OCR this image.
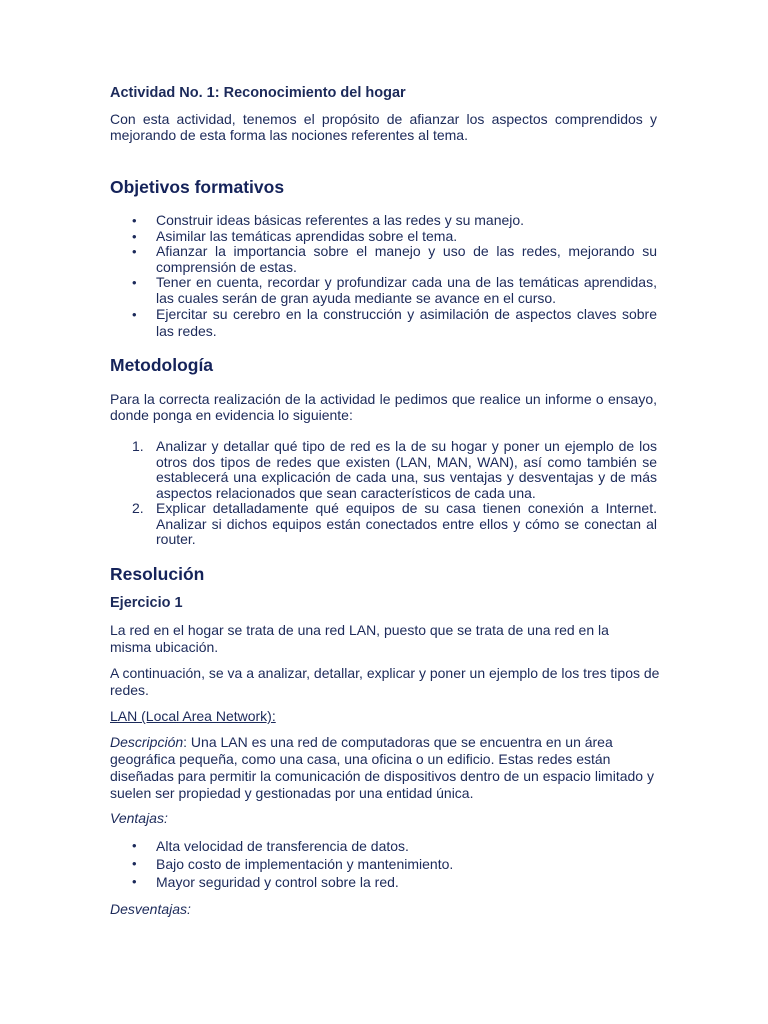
Actividad No. 1: Reconocimiento del hogar

Con esta actividad, tenemos el propósito de afianzar los aspectos comprendidos y mejorando de esta forma las nociones referentes al tema.

Objetivos formativos
• Construir ideas básicas referentes a las redes y su manejo.
• Asimilar las temáticas aprendidas sobre el tema.
• Afianzar la importancia sobre el manejo y uso de las redes, mejorando su comprensión de estas.
• Tener en cuenta, recordar y profundizar cada una de las temáticas aprendidas, las cuales serán de gran ayuda mediante se avance en el curso.
• Ejercitar su cerebro en la construcción y asimilación de aspectos claves sobre las redes.
Metodología

Para la correcta realización de la actividad le pedimos que realice un informe o ensayo, donde ponga en evidencia lo siguiente:

1. Analizar y detallar qué tipo de red es la de su hogar y poner un ejemplo de los otros dos tipos de redes que existen (LAN, MAN, WAN), así como también se establecerá una explicación de cada una, sus ventajas y desventajas y de más aspectos relacionados que sean característicos de cada una.
2. Explicar detalladamente qué equipos de su casa tienen conexión a Internet. Analizar si dichos equipos están conectados entre ellos y cómo se conectan al router.
Resolución
Ejercicio 1

La red en el hogar se trata de una red LAN, puesto que se trata de una red en la misma ubicación.

A continuación, se va a analizar, detallar, explicar y poner un ejemplo de los tres tipos de redes.

LAN (Local Area Network):

Descripción: Una LAN es una red de computadoras que se encuentra en un área geográfica pequeña, como una casa, una oficina o un edificio. Estas redes están diseñadas para permitir la comunicación de dispositivos dentro de un espacio limitado y suelen ser propiedad y gestionadas por una entidad única.

Ventajas:

• Alta velocidad de transferencia de datos.
• Bajo costo de implementación y mantenimiento.
• Mayor seguridad y control sobre la red.

Desventajas:
